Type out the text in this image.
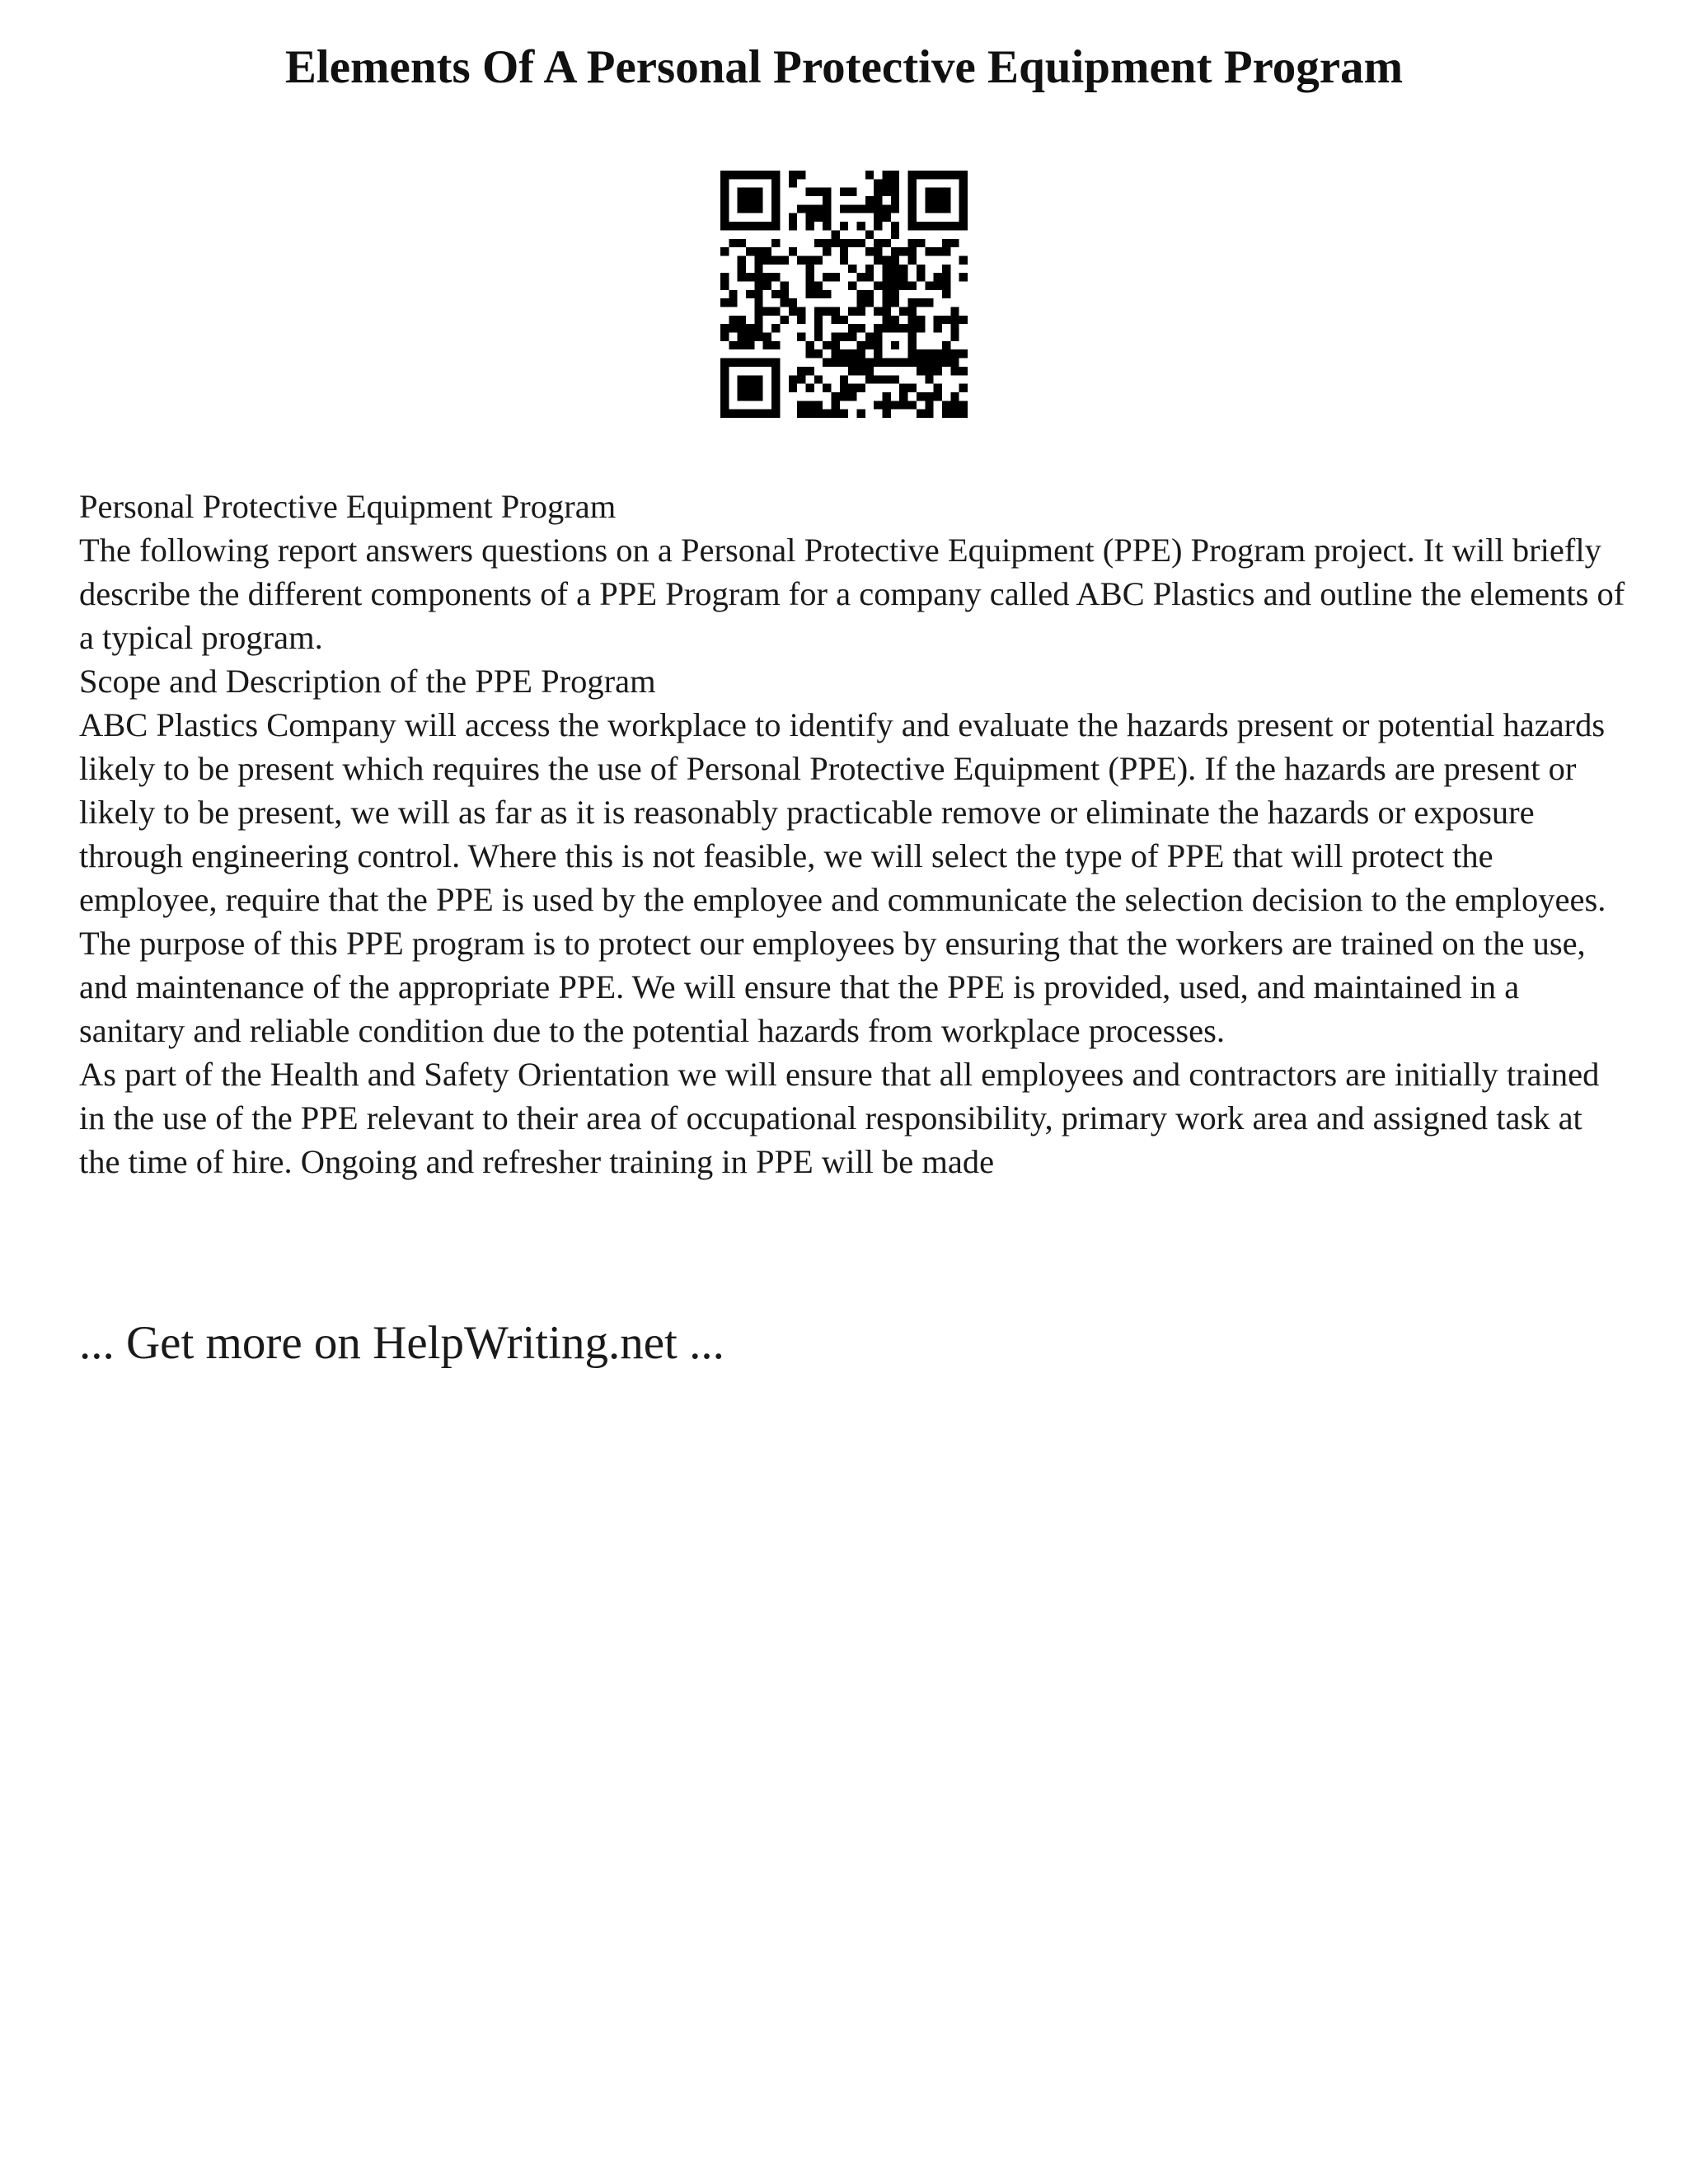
Elements Of A Personal Protective Equipment Program

Personal Protective Equipment Program

The following report answers questions on a Personal Protective Equipment (PPE) Program project. It will briefly describe the different components of a PPE Program for a company called ABC Plastics and outline the elements of a typical program.

Scope and Description of the PPE Program

ABC Plastics Company will access the workplace to identify and evaluate the hazards present or potential hazards likely to be present which requires the use of Personal Protective Equipment (PPE). If the hazards are present or likely to be present, we will as far as it is reasonably practicable remove or eliminate the hazards or exposure through engineering control. Where this is not feasible, we will select the type of PPE that will protect the employee, require that the PPE is used by the employee and communicate the selection decision to the employees.

The purpose of this PPE program is to protect our employees by ensuring that the workers are trained on the use, and maintenance of the appropriate PPE. We will ensure that the PPE is provided, used, and maintained in a sanitary and reliable condition due to the potential hazards from workplace processes.

As part of the Health and Safety Orientation we will ensure that all employees and contractors are initially trained in the use of the PPE relevant to their area of occupational responsibility, primary work area and assigned task at the time of hire. Ongoing and refresher training in PPE will be made

... Get more on HelpWriting.net ...
